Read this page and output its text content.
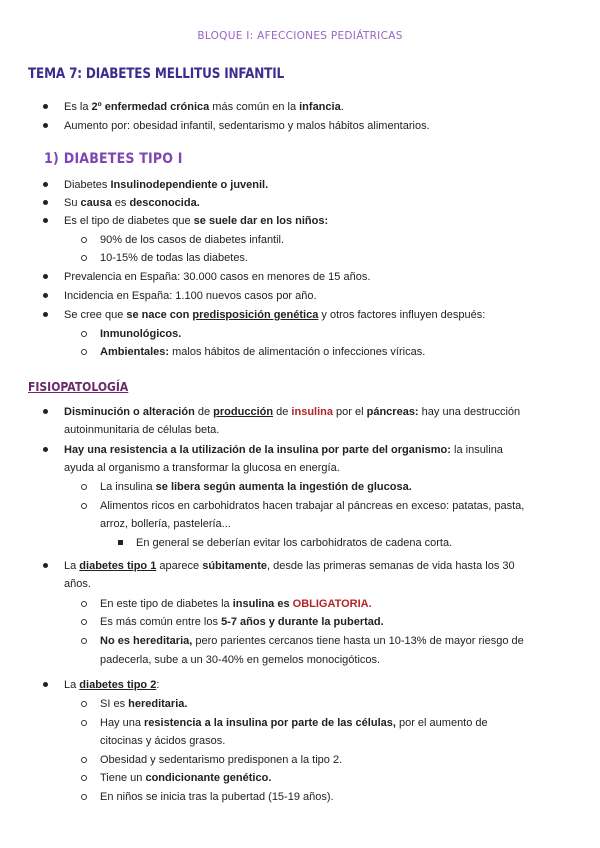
BLOQUE I: AFECCIONES PEDIÁTRICAS
TEMA 7: DIABETES MELLITUS INFANTIL
Es la 2º enfermedad crónica más común en la infancia.
Aumento por: obesidad infantil, sedentarismo y malos hábitos alimentarios.
1) DIABETES TIPO I
Diabetes Insulinodependiente o juvenil.
Su causa es desconocida.
Es el tipo de diabetes que se suele dar en los niños:
90% de los casos de diabetes infantil.
10-15% de todas las diabetes.
Prevalencia en España: 30.000 casos en menores de 15 años.
Incidencia en España: 1.100 nuevos casos por año.
Se cree que se nace con predisposición genética y otros factores influyen después:
Inmunológicos.
Ambientales: malos hábitos de alimentación o infecciones víricas.
FISIOPATOLOGÍA
Disminución o alteración de producción de insulina por el páncreas: hay una destrucción
autoinmunitaria de células beta.
Hay una resistencia a la utilización de la insulina por parte del organismo: la insulina
ayuda al organismo a transformar la glucosa en energía.
La insulina se libera según aumenta la ingestión de glucosa.
Alimentos ricos en carbohidratos hacen trabajar al páncreas en exceso: patatas, pasta,
arroz, bollería, pastelería...
En general se deberían evitar los carbohidratos de cadena corta.
La diabetes tipo 1 aparece súbitamente, desde las primeras semanas de vida hasta los 30
años.
En este tipo de diabetes la insulina es OBLIGATORIA.
Es más común entre los 5-7 años y durante la pubertad.
No es hereditaria, pero parientes cercanos tiene hasta un 10-13% de mayor riesgo de
padecerla, sube a un 30-40% en gemelos monocigóticos.
La diabetes tipo 2:
SI es hereditaria.
Hay una resistencia a la insulina por parte de las células, por el aumento de
citocinas y ácidos grasos.
Obesidad y sedentarismo predisponen a la tipo 2.
Tiene un condicionante genético.
En niños se inicia tras la pubertad (15-19 años).
